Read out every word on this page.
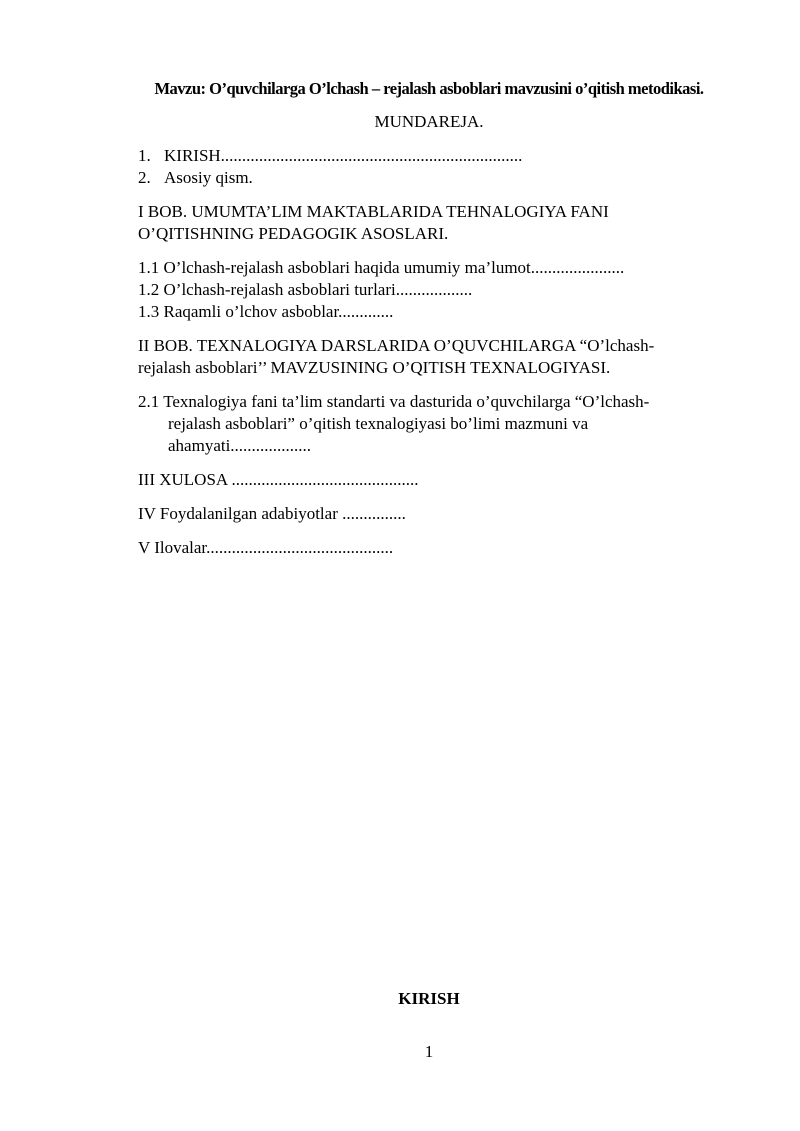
Mavzu: O’quvchilarga O’lchash – rejalash asboblari mavzusini o’qitish metodikasi.
MUNDAREJA.
1. KIRISH.......................................................................
2. Asosiy qism.
I BOB. UMUMTA’LIM MAKTABLARIDA TEHNALOGIYA FANI
O’QITISHNING PEDAGOGIK ASOSLARI.
1.1 O’lchash-rejalash asboblari haqida umumiy ma’lumot......................
1.2 O’lchash-rejalash asboblari turlari..................
1.3 Raqamli o’lchov asboblar.............
II BOB. TEXNALOGIYA DARSLARIDA O’QUVCHILARGA “O’lchash-
rejalash asboblari’’ MAVZUSINING O’QITISH TEXNALOGIYASI.
2.1 Texnalogiya fani ta’lim standarti va dasturida o’quvchilarga “O’lchash-
rejalash asboblari” o’qitish texnalogiyasi bo’limi mazmuni va
ahamyati...................
III XULOSA ............................................
IV Foydalanilgan adabiyotlar ...............
V Ilovalar............................................
KIRISH
1
